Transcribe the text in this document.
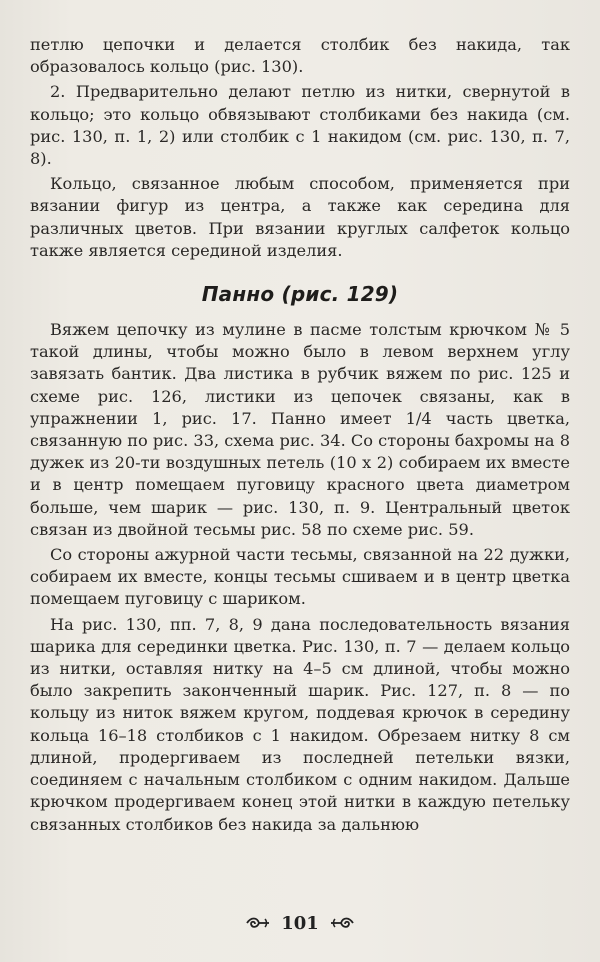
петлю цепочки и делается столбик без накида, так образовалось кольцо (рис. 130).

2. Предварительно делают петлю из нитки, свернутой в кольцо; это кольцо обвязывают столбиками без накида (см. рис. 130, п. 1, 2) или столбик с 1 накидом (см. рис. 130, п. 7, 8).

Кольцо, связанное любым способом, применяется при вязании фигур из центра, а также как середина для различных цветов. При вязании круглых салфеток кольцо также является серединой изделия.

Панно (рис. 129)

Вяжем цепочку из мулине в пасме толстым крючком № 5 такой длины, чтобы можно было в левом верхнем углу завязать бантик. Два листика в рубчик вяжем по рис. 125 и схеме рис. 126, листики из цепочек связаны, как в упражнении 1, рис. 17. Панно имеет 1/4 часть цветка, связанную по рис. 33, схема рис. 34. Со стороны бахромы на 8 дужек из 20-ти воздушных петель (10 x 2) собираем их вместе и в центр помещаем пуговицу красного цвета диаметром больше, чем шарик — рис. 130, п. 9. Центральный цветок связан из двойной тесьмы рис. 58 по схеме рис. 59.

Со стороны ажурной части тесьмы, связанной на 22 дужки, собираем их вместе, концы тесьмы сшиваем и в центр цветка помещаем пуговицу с шариком.

На рис. 130, пп. 7, 8, 9 дана последовательность вязания шарика для серединки цветка. Рис. 130, п. 7 — делаем кольцо из нитки, оставляя нитку на 4–5 см длиной, чтобы можно было закрепить законченный шарик. Рис. 127, п. 8 — по кольцу из ниток вяжем кругом, поддевая крючок в середину кольца 16–18 столбиков с 1 накидом. Обрезаем нитку 8 см длиной, продергиваем из последней петельки вязки, соединяем с начальным столбиком с одним накидом. Дальше крючком продергиваем конец этой нитки в каждую петельку связанных столбиков без накида за дальнюю

101
